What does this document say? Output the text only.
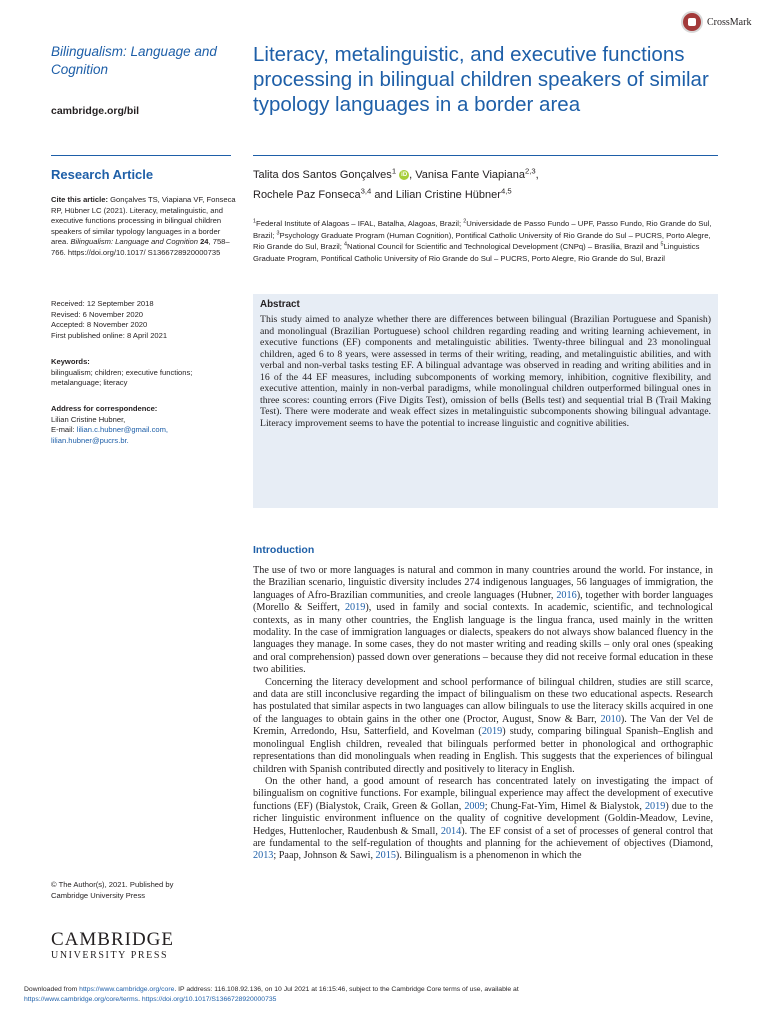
CrossMark
Bilingualism: Language and Cognition
cambridge.org/bil
Research Article
Cite this article: Gonçalves TS, Viapiana VF, Fonseca RP, Hübner LC (2021). Literacy, metalinguistic, and executive functions processing in bilingual children speakers of similar typology languages in a border area. Bilingualism: Language and Cognition 24, 758–766. https://doi.org/10.1017/ S1366728920000735
Received: 12 September 2018
Revised: 6 November 2020
Accepted: 8 November 2020
First published online: 8 April 2021
Keywords:
bilingualism; children; executive functions; metalanguage; literacy
Address for correspondence:
Lilian Cristine Hubner,
E-mail: lilian.c.hubner@gmail.com,
lilian.hubner@pucrs.br.
© The Author(s), 2021. Published by
Cambridge University Press
CAMBRIDGE
UNIVERSITY PRESS
Literacy, metalinguistic, and executive functions processing in bilingual children speakers of similar typology languages in a border area
Talita dos Santos Gonçalves$^1$ iD , Vanisa Fante Viapiana$^{2,3}$,
Rochele Paz Fonseca$^{3,4}$ and Lilian Cristine Hübner$^{4,5}$
$^1$Federal Institute of Alagoas – IFAL, Batalha, Alagoas, Brazil; $^2$Universidade de Passo Fundo – UPF, Passo Fundo, Rio Grande do Sul, Brazil; $^3$Psychology Graduate Program (Human Cognition), Pontifical Catholic University of Rio Grande do Sul – PUCRS, Porto Alegre, Rio Grande do Sul, Brazil; $^4$National Council for Scientific and Technological Development (CNPq) – Brasília, Brazil and $^5$Linguistics Graduate Program, Pontifical Catholic University of Rio Grande do Sul – PUCRS, Porto Alegre, Rio Grande do Sul, Brazil
Abstract
This study aimed to analyze whether there are differences between bilingual (Brazilian Portuguese and Spanish) and monolingual (Brazilian Portuguese) school children regarding reading and writing learning achievement, in executive functions (EF) components and metalinguistic abilities. Twenty-three bilingual and 23 monolingual children, aged 6 to 8 years, were assessed in terms of their writing, reading, and metalinguistic abilities, and with verbal and non-verbal tasks testing EF. A bilingual advantage was observed in reading and writing abilities and in 16 of the 44 EF measures, including subcomponents of working memory, inhibition, cognitive flexibility, and executive attention, mainly in non-verbal paradigms, while monolingual children outperformed bilingual ones in three scores: counting errors (Five Digits Test), omission of bells (Bells test) and sequential trial B (Trail Making Test). There were moderate and weak effect sizes in metalinguistic subcomponents showing bilingual advantage. Literacy improvement seems to have the potential to increase linguistic and cognitive abilities.
Introduction

The use of two or more languages is natural and common in many countries around the world. For instance, in the Brazilian scenario, linguistic diversity includes 274 indigenous languages, 56 languages of immigration, the languages of Afro-Brazilian communities, and creole languages (Hubner, 2016), together with border languages (Morello & Seiffert, 2019), used in family and social contexts. In academic, scientific, and technological contexts, as in many other countries, the English language is the lingua franca, used mainly in the written modality. In the case of immigration languages or dialects, speakers do not always show balanced fluency in the languages they manage. In some cases, they do not master writing and reading skills – only oral ones (speaking and oral comprehension) passed down over generations – because they did not receive formal education in these two abilities.

Concerning the literacy development and school performance of bilingual children, studies are still scarce, and data are still inconclusive regarding the impact of bilingualism on these two educational aspects. Research has postulated that similar aspects in two languages can allow bilinguals to use the literacy skills acquired in one of the languages to obtain gains in the other one (Proctor, August, Snow & Barr, 2010). The Van der Vel de Kremin, Arredondo, Hsu, Satterfield, and Kovelman (2019) study, comparing bilingual Spanish–English and monolingual English children, revealed that bilinguals performed better in phonological and orthographic representations than did monolinguals when reading in English. This suggests that the experiences of bilingual children with Spanish contributed directly and positively to literacy in English.

On the other hand, a good amount of research has concentrated lately on investigating the impact of bilingualism on cognitive functions. For example, bilingual experience may affect the development of executive functions (EF) (Bialystok, Craik, Green & Gollan, 2009; Chung-Fat-Yim, Himel & Bialystok, 2019) due to the richer linguistic environment influence on the quality of cognitive development (Goldin-Meadow, Levine, Hedges, Huttenlocher, Raudenbush & Small, 2014). The EF consist of a set of processes of general control that are fundamental to the self-regulation of thoughts and planning for the achievement of objectives (Diamond, 2013; Paap, Johnson & Sawi, 2015). Bilingualism is a phenomenon in which the

Downloaded from https://www.cambridge.org/core. IP address: 116.108.92.136, on 10 Jul 2021 at 16:15:46, subject to the Cambridge Core terms of use, available at
https://www.cambridge.org/core/terms. https://doi.org/10.1017/S1366728920000735
